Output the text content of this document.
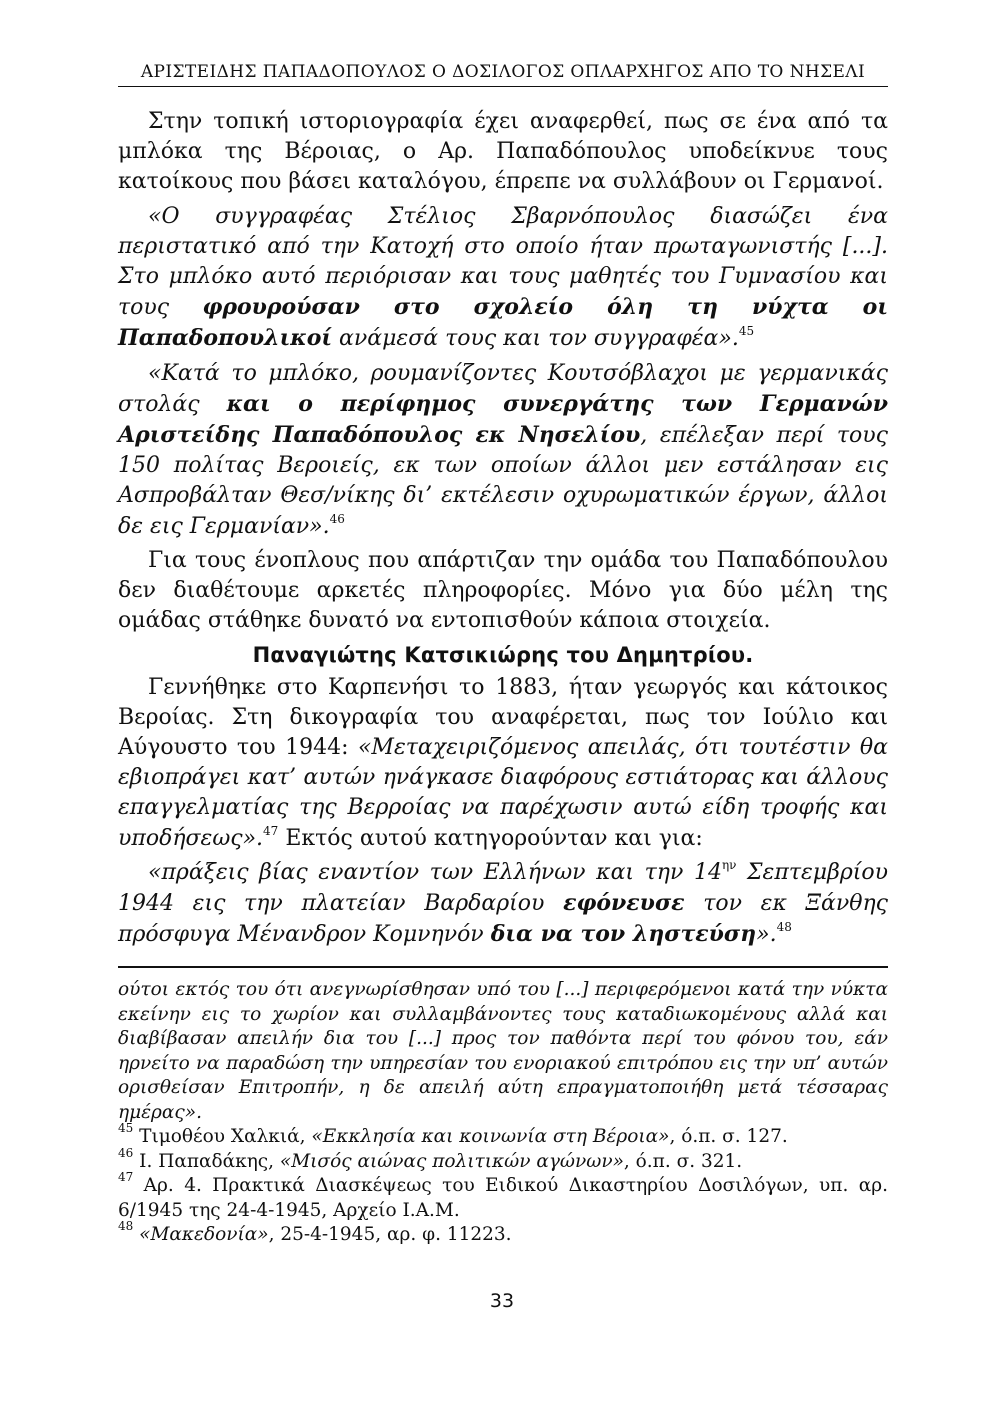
ΑΡΙΣΤΕΙΔΗΣ ΠΑΠΑΔΟΠΟΥΛΟΣ Ο ΔΟΣΙΛΟΓΟΣ ΟΠΛΑΡΧΗΓΟΣ ΑΠΟ ΤΟ ΝΗΣΕΛΙ

Στην τοπική ιστοριογραφία έχει αναφερθεί, πως σε ένα από τα μπλόκα της Βέροιας, ο Αρ. Παπαδόπουλος υποδείκνυε τους κατοίκους που βάσει καταλόγου, έπρεπε να συλλάβουν οι Γερμανοί.

«Ο συγγραφέας Στέλιος Σβαρνόπουλος διασώζει ένα περιστατικό από την Κατοχή στο οποίο ήταν πρωταγωνιστής [...]. Στο μπλόκο αυτό περιόρισαν και τους μαθητές του Γυμνασίου και τους φρουρούσαν στο σχολείο όλη τη νύχτα οι Παπαδοπουλικοί ανάμεσά τους και τον συγγραφέα».$^{45}$

«Κατά το μπλόκο, ρουμανίζοντες Κουτσόβλαχοι με γερμανικάς στολάς και ο περίφημος συνεργάτης των Γερμανών Αριστείδης Παπαδόπουλος εκ Νησελίου, επέλεξαν περί τους 150 πολίτας Βεροιείς, εκ των οποίων άλλοι μεν εστάλησαν εις Ασπροβάλταν Θεσ/νίκης δι’ εκτέλεσιν οχυρωματικών έργων, άλλοι δε εις Γερμανίαν».$^{46}$

Για τους ένοπλους που απάρτιζαν την ομάδα του Παπαδόπουλου δεν διαθέτουμε αρκετές πληροφορίες. Μόνο για δύο μέλη της ομάδας στάθηκε δυνατό να εντοπισθούν κάποια στοιχεία.

Παναγιώτης Κατσικιώρης του Δημητρίου.

Γεννήθηκε στο Καρπενήσι το 1883, ήταν γεωργός και κάτοικος Βεροίας. Στη δικογραφία του αναφέρεται, πως τον Ιούλιο και Αύγουστο του 1944: «Μεταχειριζόμενος απειλάς, ότι τουτέστιν θα εβιοπράγει κατ’ αυτών ηνάγκασε διαφόρους εστιάτορας και άλλους επαγγελματίας της Βερροίας να παρέχωσιν αυτώ είδη τροφής και υποδήσεως».$^{47}$ Εκτός αυτού κατηγορούνταν και για:

«πράξεις βίας εναντίον των Ελλήνων και την $14^{\eta\nu}$ Σεπτεμβρίου 1944 εις την πλατείαν Βαρδαρίου εφόνευσε τον εκ Ξάνθης πρόσφυγα Μένανδρον Κομνηνόν δια να τον ληστεύση».$^{48}$

ούτοι εκτός του ότι ανεγνωρίσθησαν υπό του [...] περιφερόμενοι κατά την νύκτα εκείνην εις το χωρίον και συλλαμβάνοντες τους καταδιωκομένους αλλά και διαβίβασαν απειλήν δια του [...] προς τον παθόντα περί του φόνου του, εάν ηρνείτο να παραδώση την υπηρεσίαν του ενοριακού επιτρόπου εις την υπ’ αυτών ορισθείσαν Επιτροπήν, η δε απειλή αύτη επραγματοποιήθη μετά τέσσαρας ημέρας».

$^{45}$ Τιμοθέου Χαλκιά, «Εκκλησία και κοινωνία στη Βέροια», ό.π. σ. 127.

$^{46}$ Ι. Παπαδάκης, «Μισός αιώνας πολιτικών αγώνων», ό.π. σ. 321.

$^{47}$ Αρ. 4. Πρακτικά Διασκέψεως του Ειδικού Δικαστηρίου Δοσιλόγων, υπ. αρ. 6/1945 της 24-4-1945, Αρχείο Ι.Α.Μ.

$^{48}$ «Μακεδονία», 25-4-1945, αρ. φ. 11223.

33
